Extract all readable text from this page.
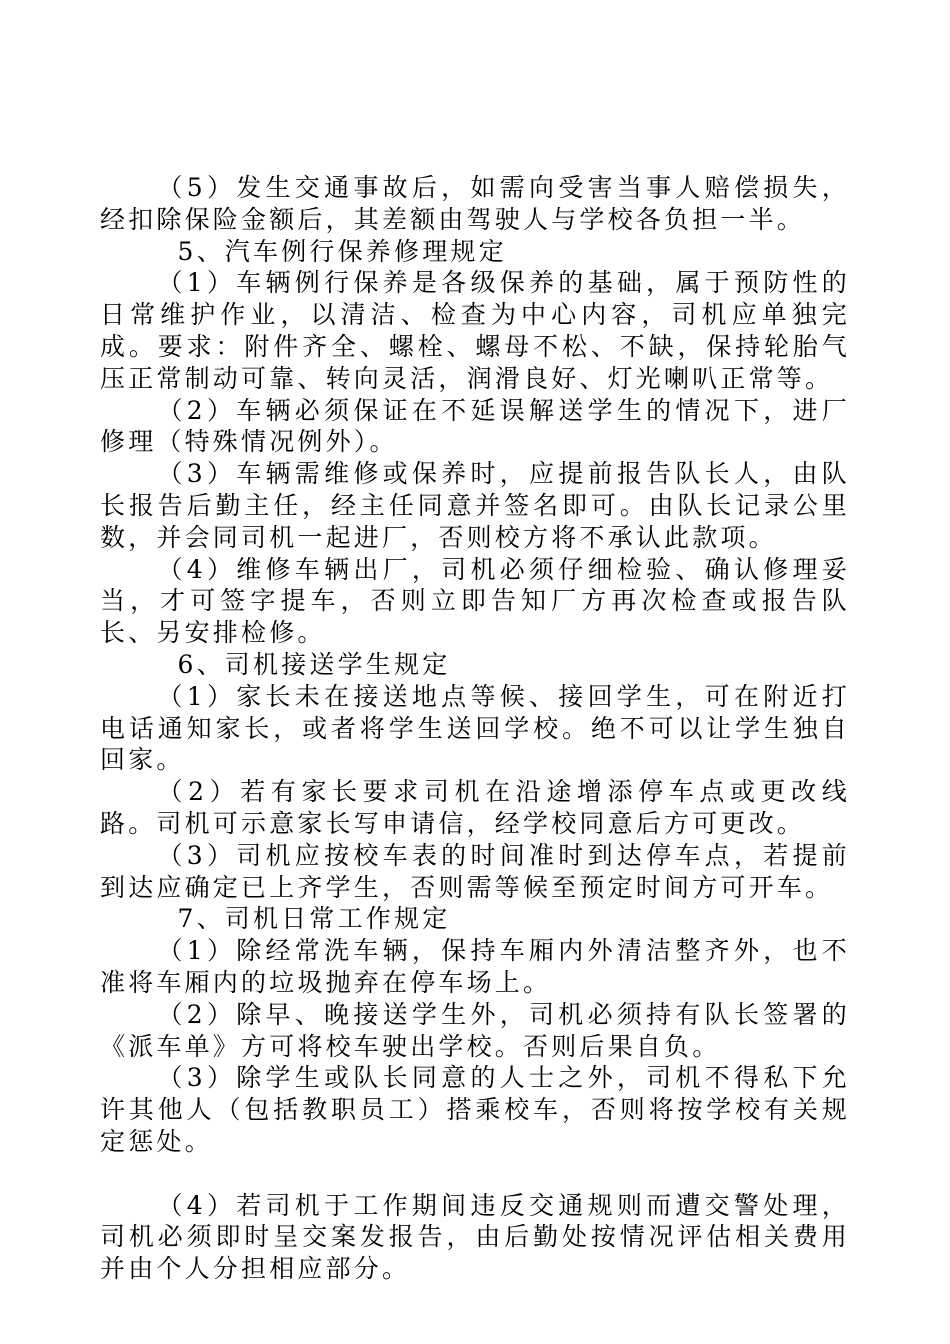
（5）发生交通事故后，如需向受害当事人赔偿损失，经扣除保险金额后，其差额由驾驶人与学校各负担一半。

5、汽车例行保养修理规定

（1）车辆例行保养是各级保养的基础，属于预防性的日常维护作业，以清洁、检查为中心内容，司机应单独完成。要求：附件齐全、螺栓、螺母不松、不缺，保持轮胎气压正常制动可靠、转向灵活，润滑良好、灯光喇叭正常等。

（2）车辆必须保证在不延误解送学生的情况下，进厂修理（特殊情况例外）。

（3）车辆需维修或保养时，应提前报告队长人，由队长报告后勤主任，经主任同意并签名即可。由队长记录公里数，并会同司机一起进厂，否则校方将不承认此款项。

（4）维修车辆出厂，司机必须仔细检验、确认修理妥当，才可签字提车，否则立即告知厂方再次检查或报告队长、另安排检修。

6、司机接送学生规定

（1）家长未在接送地点等候、接回学生，可在附近打电话通知家长，或者将学生送回学校。绝不可以让学生独自回家。

（2）若有家长要求司机在沿途增添停车点或更改线路。司机可示意家长写申请信，经学校同意后方可更改。

（3）司机应按校车表的时间准时到达停车点，若提前到达应确定已上齐学生，否则需等候至预定时间方可开车。

7、司机日常工作规定

（1）除经常洗车辆，保持车厢内外清洁整齐外，也不准将车厢内的垃圾抛弃在停车场上。

（2）除早、晚接送学生外，司机必须持有队长签署的《派车单》方可将校车驶出学校。否则后果自负。

（3）除学生或队长同意的人士之外，司机不得私下允许其他人（包括教职员工）搭乘校车，否则将按学校有关规定惩处。

（4）若司机于工作期间违反交通规则而遭交警处理，司机必须即时呈交案发报告，由后勤处按情况评估相关费用并由个人分担相应部分。
